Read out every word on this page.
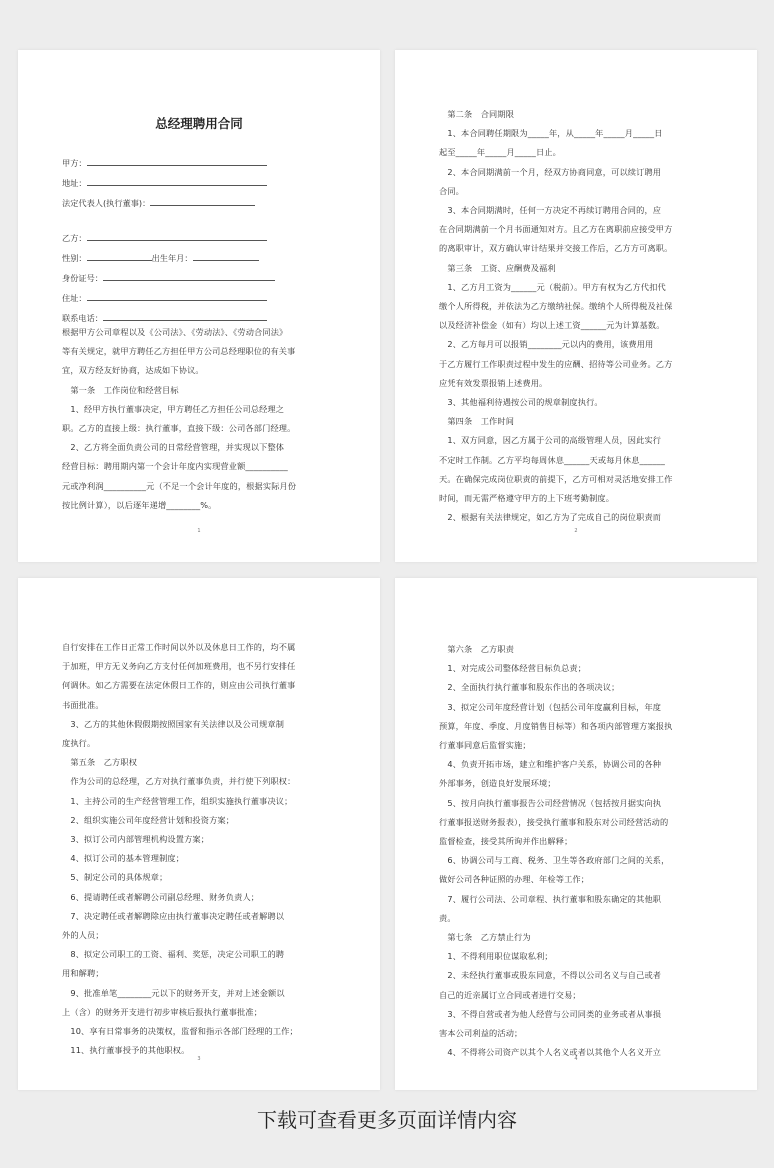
总经理聘用合同
甲方：
地址：
法定代表人(执行董事)：
乙方：
性别：	出生年月：
身份证号：
住址：
联系电话：
根据甲方公司章程以及《公司法》、《劳动法》、《劳动合同法》
等有关规定，就甲方聘任乙方担任甲方公司总经理职位的有关事
宜，双方经友好协商，达成如下协议。
　第一条　工作岗位和经营目标
　1、经甲方执行董事决定，甲方聘任乙方担任公司总经理之
职。乙方的直接上级：执行董事，直接下级：公司各部门经理。
　2、乙方将全面负责公司的日常经营管理，并实现以下整体
经营目标：聘用期内第一个会计年度内实现营业额__________
元或净利润__________元（不足一个会计年度的，根据实际月份
按比例计算），以后逐年递增________%。
1
　第二条　合同期限
　1、本合同聘任期限为_____年，从_____年_____月_____日
起至_____年_____月_____日止。
　2、本合同期满前一个月，经双方协商同意，可以续订聘用
合同。
　3、本合同期满时，任何一方决定不再续订聘用合同的，应
在合同期满前一个月书面通知对方。且乙方在离职前应接受甲方
的离职审计，双方确认审计结果并交接工作后，乙方方可离职。
　第三条　工资、应酬费及福利
　1、乙方月工资为______元（税前）。甲方有权为乙方代扣代
缴个人所得税，并依法为乙方缴纳社保。缴纳个人所得税及社保
以及经济补偿金（如有）均以上述工资______元为计算基数。
　2、乙方每月可以报销________元以内的费用，该费用用
于乙方履行工作职责过程中发生的应酬、招待等公司业务。乙方
应凭有效发票报销上述费用。
　3、其他福利待遇按公司的规章制度执行。
　第四条　工作时间
　1、双方同意，因乙方属于公司的高级管理人员，因此实行
不定时工作制。乙方平均每周休息______天或每月休息______
天。在确保完成岗位职责的前提下，乙方可相对灵活地安排工作
时间，而无需严格遵守甲方的上下班考勤制度。
　2、根据有关法律规定，如乙方为了完成自己的岗位职责而
2
自行安排在工作日正常工作时间以外以及休息日工作的，均不属
于加班，甲方无义务向乙方支付任何加班费用，也不另行安排任
何调休。如乙方需要在法定休假日工作的，则应由公司执行董事
书面批准。
　3、乙方的其他休假假期按照国家有关法律以及公司规章制
度执行。
　第五条　乙方职权
　作为公司的总经理，乙方对执行董事负责，并行使下列职权：
　1、主持公司的生产经营管理工作，组织实施执行董事决议；
　2、组织实施公司年度经营计划和投资方案；
　3、拟订公司内部管理机构设置方案；
　4、拟订公司的基本管理制度；
　5、制定公司的具体规章；
　6、提请聘任或者解聘公司副总经理、财务负责人；
　7、决定聘任或者解聘除应由执行董事决定聘任或者解聘以
外的人员；
　8、拟定公司职工的工资、福利、奖惩，决定公司职工的聘
用和解聘；
　9、批准单笔________元以下的财务开支，并对上述金额以
上（含）的财务开支进行初步审核后报执行董事批准；
　10、享有日常事务的决策权，监督和指示各部门经理的工作；
　11、执行董事授予的其他职权。
3
　第六条　乙方职责
　1、对完成公司整体经营目标负总责；
　2、全面执行执行董事和股东作出的各项决议；
　3、拟定公司年度经营计划（包括公司年度赢利目标，年度
预算，年度、季度、月度销售目标等）和各项内部管理方案报执
行董事同意后监督实施；
　4、负责开拓市场，建立和维护客户关系，协调公司的各种
外部事务，创造良好发展环境；
　5、按月向执行董事报告公司经营情况（包括按月据实向执
行董事报送财务报表），接受执行董事和股东对公司经营活动的
监督检查，接受其所询并作出解释；
　6、协调公司与工商、税务、卫生等各政府部门之间的关系，
做好公司各种证照的办理、年检等工作；
　7、履行公司法、公司章程、执行董事和股东确定的其他职
责。
　第七条　乙方禁止行为
　1、不得利用职位谋取私利；
　2、未经执行董事或股东同意，不得以公司名义与自己或者
自己的近亲属订立合同或者进行交易；
　3、不得自营或者为他人经营与公司同类的业务或者从事损
害本公司利益的活动；
　4、不得将公司资产以其个人名义或者以其他个人名义开立
4
下载可查看更多页面详情内容
